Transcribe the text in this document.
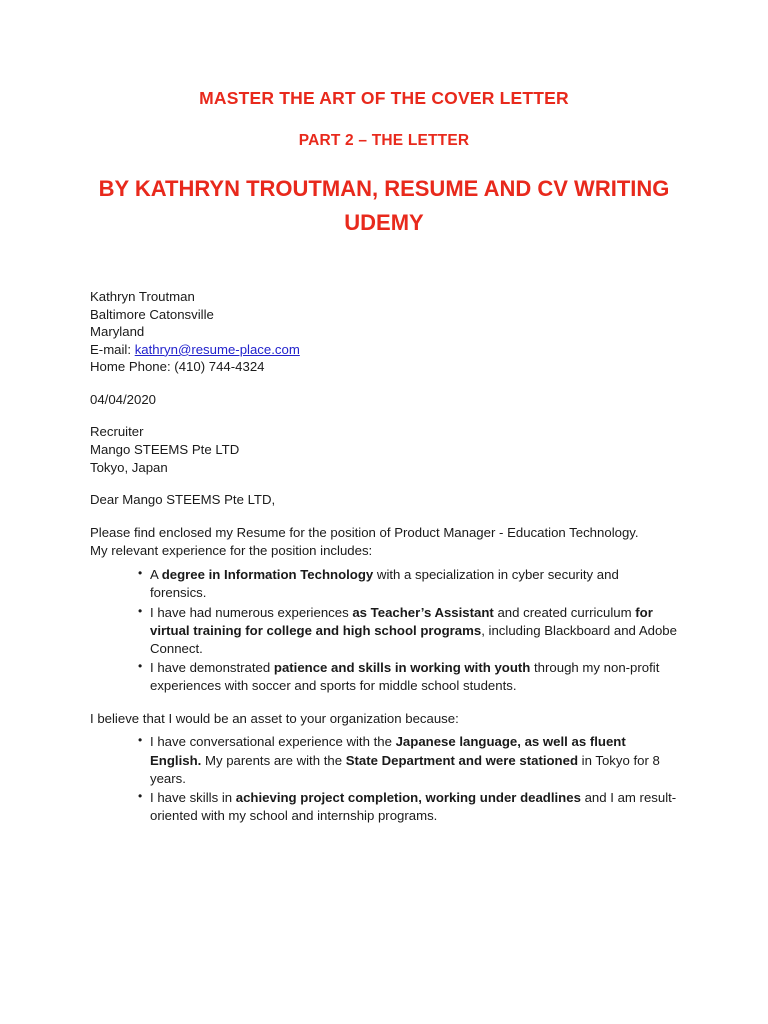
MASTER THE ART OF THE COVER LETTER
PART 2 – THE LETTER
BY KATHRYN TROUTMAN, RESUME AND CV WRITING UDEMY
Kathryn Troutman
Baltimore Catonsville
Maryland
E-mail: kathryn@resume-place.com
Home Phone: (410) 744-4324
04/04/2020
Recruiter
Mango STEEMS Pte LTD
Tokyo, Japan
Dear Mango STEEMS Pte LTD,

Please find enclosed my Resume for the position of Product Manager - Education Technology.

My relevant experience for the position includes:

• A degree in Information Technology with a specialization in cyber security and forensics.
• I have had numerous experiences as Teacher’s Assistant and created curriculum for virtual training for college and high school programs, including Blackboard and Adobe Connect.
• I have demonstrated patience and skills in working with youth through my non-profit experiences with soccer and sports for middle school students.

I believe that I would be an asset to your organization because:

• I have conversational experience with the Japanese language, as well as fluent English. My parents are with the State Department and were stationed in Tokyo for 8 years.
• I have skills in achieving project completion, working under deadlines and I am result-oriented with my school and internship programs.
